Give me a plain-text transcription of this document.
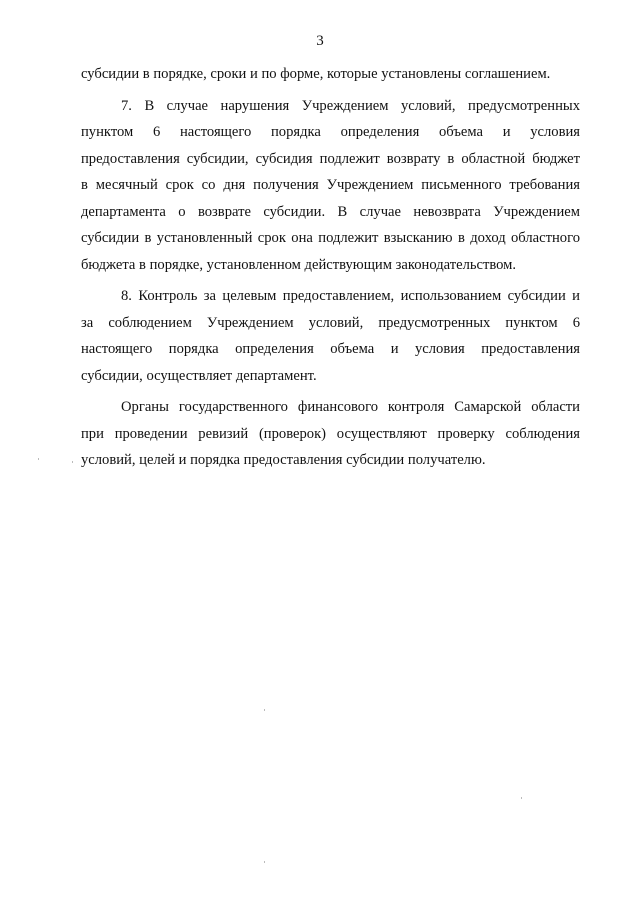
3

субсидии в порядке, сроки и по форме, которые установлены соглашением.

7. В случае нарушения Учреждением условий, предусмотренных

пунктом 6 настоящего порядка определения объема и условия

предоставления субсидии, субсидия подлежит возврату в областной бюджет

в месячный срок со дня получения Учреждением письменного требования

департамента о возврате субсидии. В случае невозврата Учреждением

субсидии в установленный срок она подлежит взысканию в доход областного

бюджета в порядке, установленном действующим законодательством.

8. Контроль за целевым предоставлением, использованием субсидии и

за соблюдением Учреждением условий, предусмотренных пунктом 6

настоящего порядка определения объема и условия предоставления

субсидии, осуществляет департамент.

Органы государственного финансового контроля Самарской области

при проведении ревизий (проверок) осуществляют проверку соблюдения

условий, целей и порядка предоставления субсидии получателю.
